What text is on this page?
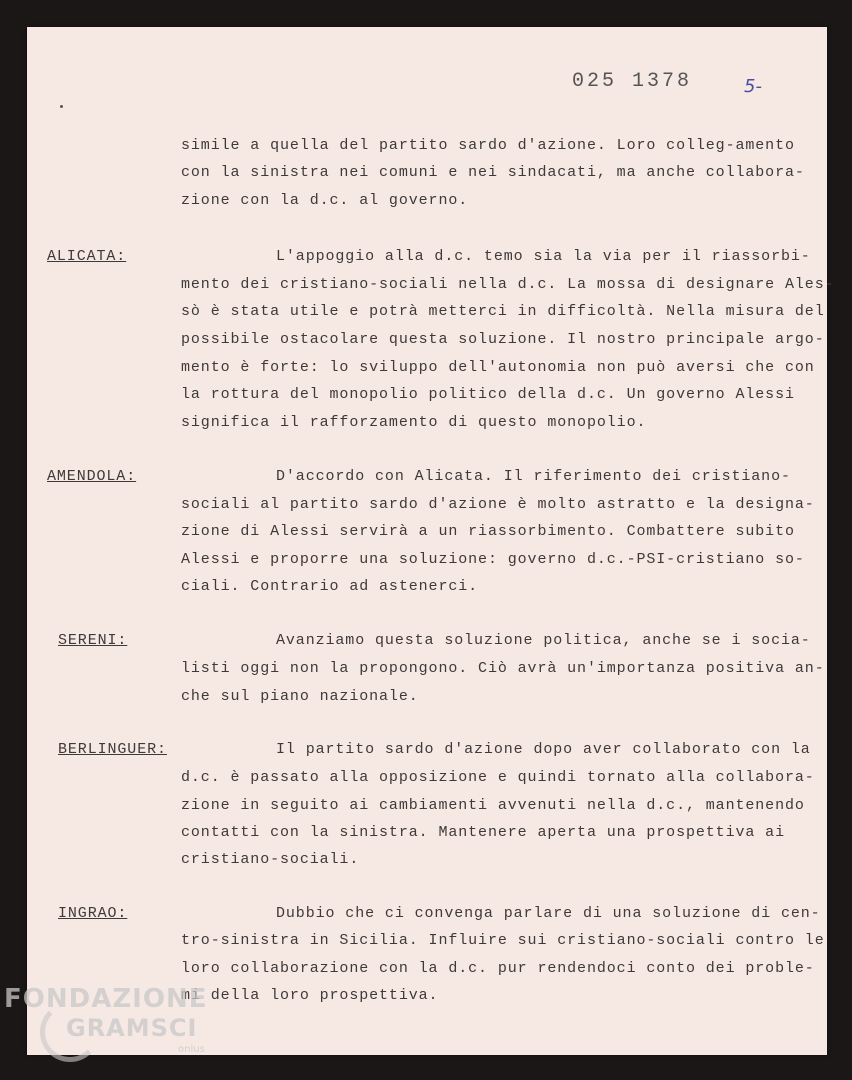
025 1378	5-
simile a quella del partito sardo d'azione. Loro colleg-amento
con la sinistra nei comuni e nei sindacati, ma anche collabora-
zione con la d.c. al governo.
ALICATA:	L'appoggio alla d.c. temo sia la via per il riassorbi-
mento dei cristiano-sociali nella d.c. La mossa di designare Ales-
sò è stata utile e potrà metterci in difficoltà. Nella misura del
possibile ostacolare questa soluzione. Il nostro principale argo-
mento è forte: lo sviluppo dell'autonomia non può aversi che con
la rottura del monopolio politico della d.c. Un governo Alessi
significa il rafforzamento di questo monopolio.
AMENDOLA:	D'accordo con Alicata. Il riferimento dei cristiano-
sociali al partito sardo d'azione è molto astratto e la designa-
zione di Alessi servirà a un riassorbimento. Combattere subito
Alessi e proporre una soluzione: governo d.c.-PSI-cristiano so-
ciali. Contrario ad astenerci.
SERENI:	Avanziamo questa soluzione politica, anche se i socia-
listi oggi non la propongono. Ciò avrà un'importanza positiva an-
che sul piano nazionale.
BERLINGUER:	Il partito sardo d'azione dopo aver collaborato con la
d.c. è passato alla opposizione e quindi tornato alla collabora-
zione in seguito ai cambiamenti avvenuti nella d.c., mantenendo
contatti con la sinistra. Mantenere aperta una prospettiva ai
cristiano-sociali.
INGRAO:	Dubbio che ci convenga parlare di una soluzione di cen-
tro-sinistra in Sicilia. Influire sui cristiano-sociali contro le
loro collaborazione con la d.c. pur rendendoci conto dei proble-
mi della loro prospettiva.
FONDAZIONE
GRAMSCI
onlus
